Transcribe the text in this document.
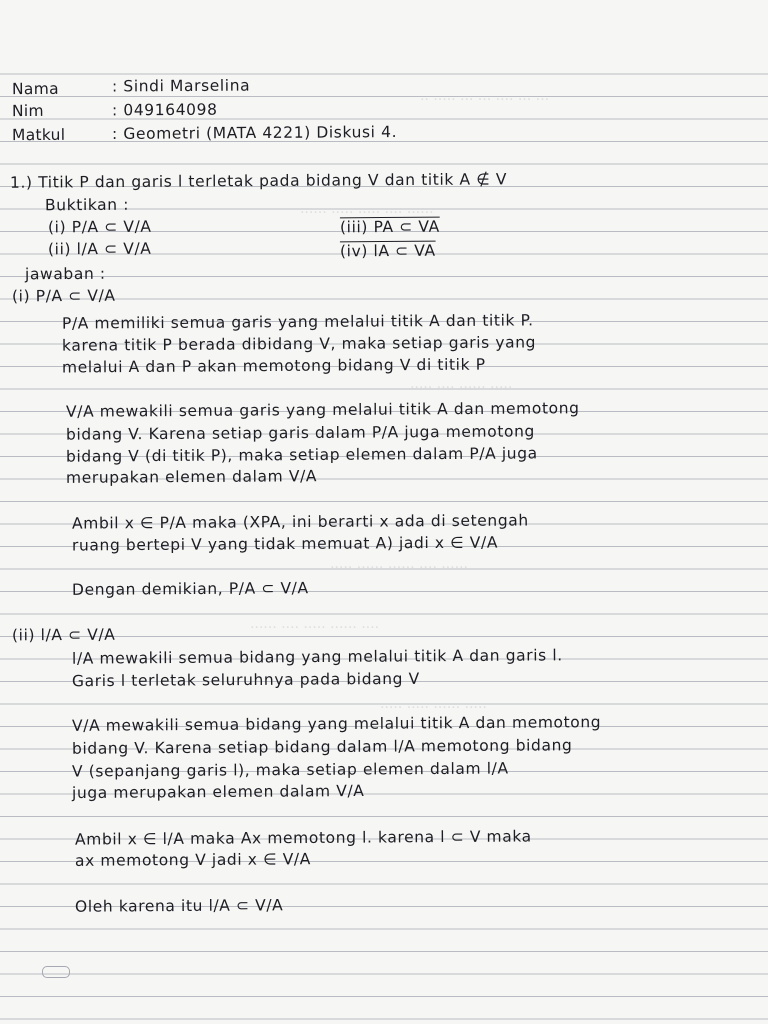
··· ··· ···· ··· ··· ····· ··
······ ···· ····· ····· ······
····· ······ ···· ·····
······ ···· ······ ······ ·····
···· ······ ····· ···· ······
····· ······ ····· ·····
Nama	: Sindi Marselina
Nim	: 049164098
Matkul	: Geometri (MATA 4221) Diskusi 4.
1.) Titik P dan garis l terletak pada bidang V dan titik A ∉ V
Buktikan :
(i) P/A ⊂ V/A
(ii) l/A ⊂ V/A
(iii) PA ⊂ VA
(iv) lA ⊂ VA
jawaban :
(i) P/A ⊂ V/A
P/A memiliki semua garis yang melalui titik A dan titik P.
karena titik P berada dibidang V, maka setiap garis yang
melalui A dan P akan memotong bidang V di titik P
V/A mewakili semua garis yang melalui titik A dan memotong
bidang V. Karena setiap garis dalam P/A juga memotong
bidang V (di titik P), maka setiap elemen dalam P/A juga
merupakan elemen dalam V/A
Ambil x ∈ P/A maka (XPA, ini berarti x ada di setengah
ruang bertepi V yang tidak memuat A) jadi x ∈ V/A
Dengan demikian, P/A ⊂ V/A
(ii) l/A ⊂ V/A
l/A mewakili semua bidang yang melalui titik A dan garis l.
Garis l terletak seluruhnya pada bidang V
V/A mewakili semua bidang yang melalui titik A dan memotong
bidang V. Karena setiap bidang dalam l/A memotong bidang
V (sepanjang garis l), maka setiap elemen dalam l/A
juga merupakan elemen dalam V/A
Ambil x ∈ l/A maka Ax memotong l. karena l ⊂ V maka
ax memotong V jadi x ∈ V/A
Oleh karena itu l/A ⊂ V/A
